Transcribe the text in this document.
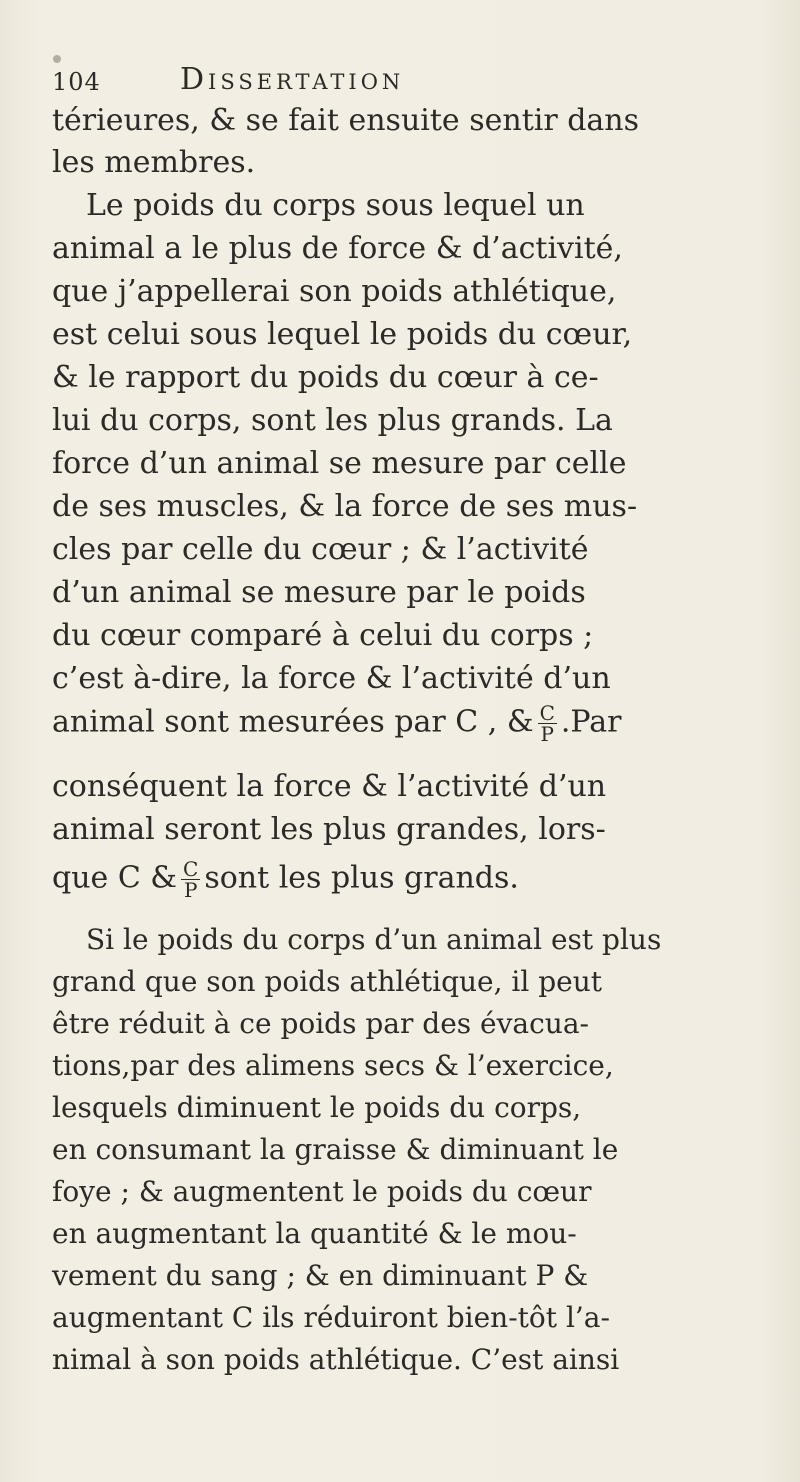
104	Dissertation
térieures, & se fait ensuite sentir dans
les membres.
Le poids du corps sous lequel un
animal a le plus de force & d’activité,
que j’appellerai son poids athlétique,
est celui sous lequel le poids du cœur,
& le rapport du poids du cœur à ce-
lui du corps, sont les plus grands. La
force d’un animal se mesure par celle
de ses muscles, & la force de ses mus-
cles par celle du cœur ; & l’activité
d’un animal se mesure par le poids
du cœur comparé à celui du corps ;
c’est à-dire, la force & l’activité d’un
animal sont mesurées par C , & $\frac{C}{P} .Par$
conséquent la force & l’activité d’un
animal seront les plus grandes, lors-
que C & $\frac{C}{P}$ sont les plus grands.
Si le poids du corps d’un animal est plus
grand que son poids athlétique, il peut
être réduit à ce poids par des évacua-
tions,par des alimens secs & l’exercice,
lesquels diminuent le poids du corps,
en consumant la graisse & diminuant le
foye ; & augmentent le poids du cœur
en augmentant la quantité & le mou-
vement du sang ; & en diminuant P &
augmentant C ils réduiront bien-tôt l’a-
nimal à son poids athlétique. C’est ainsi
